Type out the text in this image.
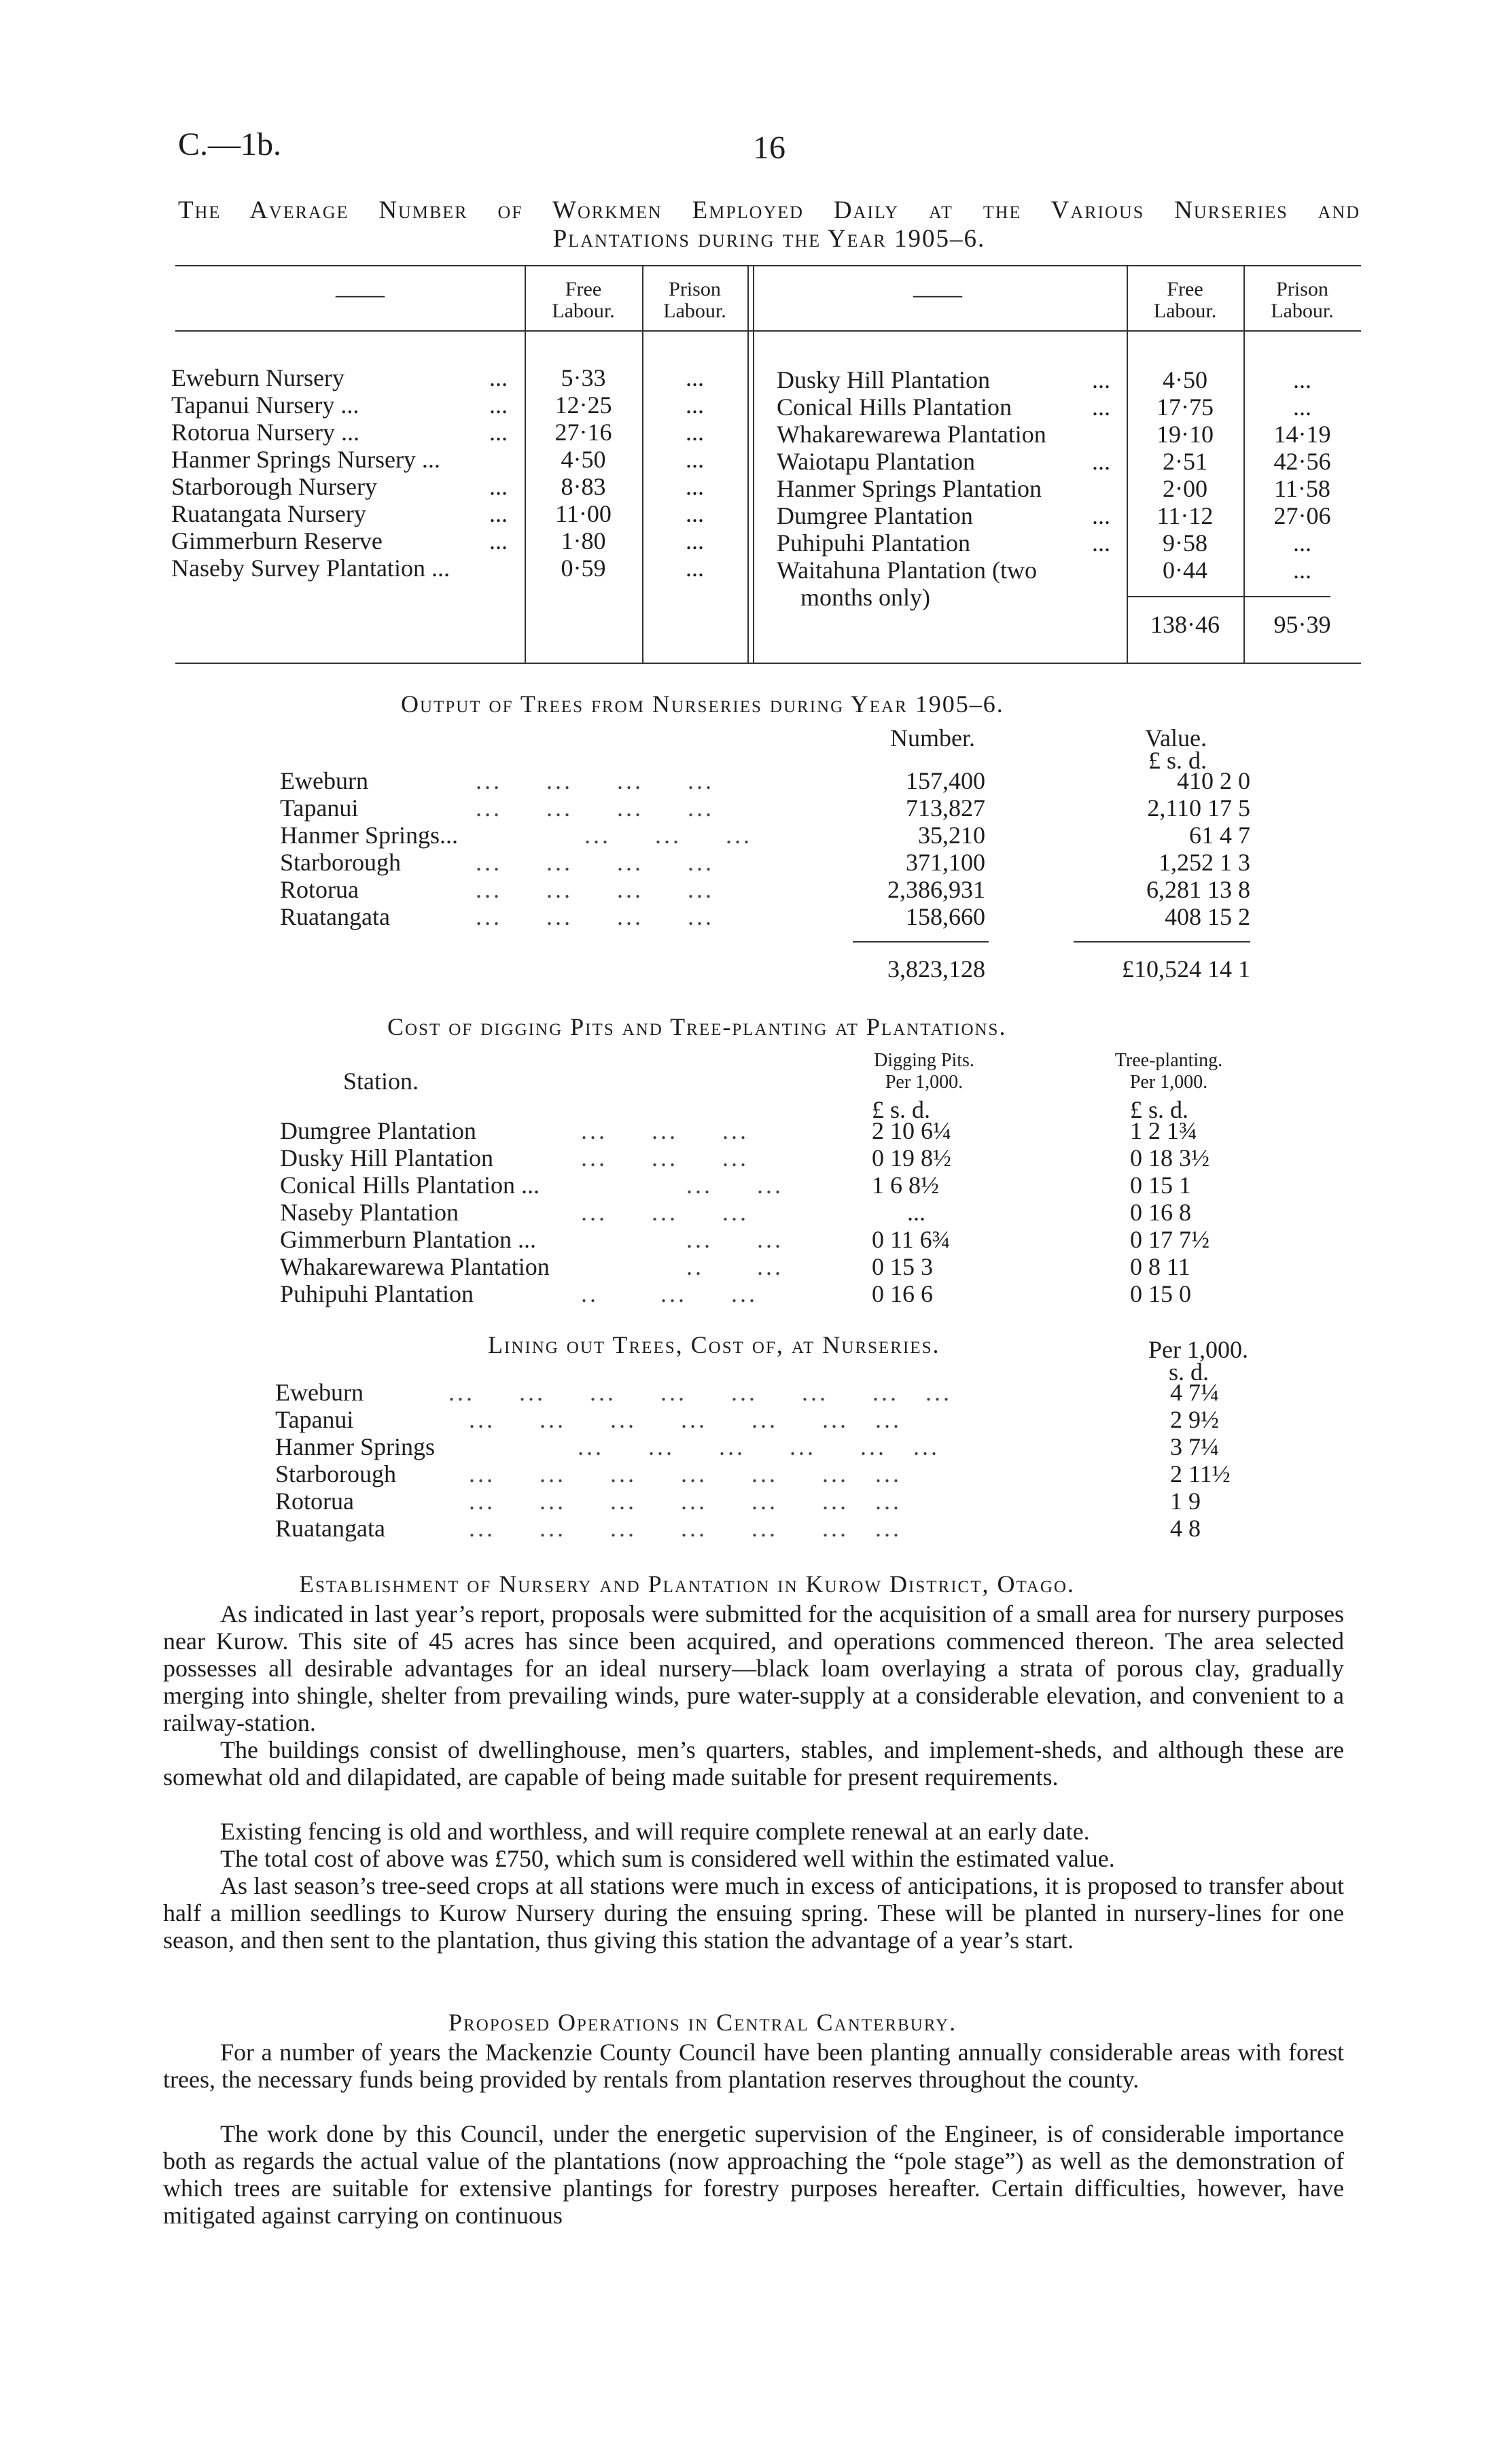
C.—1b.	16
The Average Number of Workmen Employed Daily at the Various Nurseries and
Plantations during the Year 1905–6.
——	Free
Labour.
Prison
Labour.
——	Free
Labour.
Prison
Labour.
Eweburn Nursery	...	5·33	...
Tapanui Nursery ...	...	12·25	...
Rotorua Nursery ...	...	27·16	...
Hanmer Springs Nursery ...	4·50	...
Starborough Nursery	...	8·83	...
Ruatangata Nursery	...	11·00	...
Gimmerburn Reserve	...	1·80	...
Naseby Survey Plantation ...	0·59	...
Dusky Hill Plantation	...	4·50	...
Conical Hills Plantation	...	17·75	...
Whakarewarewa Plantation	19·10	14·19
Waiotapu Plantation	...	2·51	42·56
Hanmer Springs Plantation	2·00	11·58
Dumgree Plantation	...	11·12	27·06
Puhipuhi Plantation	...	9·58	...
Waitahuna Plantation (two	0·44	...
months only)
138·46	95·39
Output of Trees from Nurseries during Year 1905–6.
Number.	Value.
£ s. d.
Eweburn	...     ...     ...     ...	157,400	410 2 0
Tapanui	...     ...     ...     ...	713,827	2,110 17 5
Hanmer Springs...	...     ...     ...	35,210	61 4 7
Starborough	...     ...     ...     ...	371,100	1,252 1 3
Rotorua	...     ...     ...     ...	2,386,931	6,281 13 8
Ruatangata	...     ...     ...     ...	158,660	408 15 2
3,823,128	£10,524 14 1
Cost of digging Pits and Tree-planting at Plantations.
Station.
Digging Pits.
Per 1,000.
Tree-planting.
Per 1,000.
£ s. d.	£ s. d.
Dumgree Plantation	...     ...     ...	2 10 6¼	1 2 1¾
Dusky Hill Plantation	...     ...     ...	0 19 8½	0 18 3½
Conical Hills Plantation ...	...     ...	1 6 8½	0 15 1
Naseby Plantation	...     ...     ...	...	0 16 8
Gimmerburn Plantation ...	...     ...	0 11 6¾	0 17 7½
Whakarewarewa Plantation	..      ...	0 15 3	0 8 11
Puhipuhi Plantation	..       ...     ...	0 16 6	0 15 0
Lining out Trees, Cost of, at Nurseries.	Per 1,000.
s. d.
Eweburn	...     ...     ...     ...     ...     ...     ...   ...	4 7¼
Tapanui	...     ...     ...     ...     ...     ...   ...	2 9½
Hanmer Springs	...     ...     ...     ...     ...   ...	3 7¼
Starborough	...     ...     ...     ...     ...     ...   ...	2 11½
Rotorua	...     ...     ...     ...     ...     ...   ...	1 9
Ruatangata	...     ...     ...     ...     ...     ...   ...	4 8
Establishment of Nursery and Plantation in Kurow District, Otago.
As indicated in last year’s report, proposals were submitted for the acquisition of a small area for nursery purposes near Kurow. This site of 45 acres has since been acquired, and operations commenced thereon. The area selected possesses all desirable advantages for an ideal nursery—black loam overlaying a strata of porous clay, gradually merging into shingle, shelter from prevailing winds, pure water-supply at a considerable elevation, and convenient to a railway-station.
The buildings consist of dwellinghouse, men’s quarters, stables, and implement-sheds, and although these are somewhat old and dilapidated, are capable of being made suitable for present requirements.
Existing fencing is old and worthless, and will require complete renewal at an early date.
The total cost of above was £750, which sum is considered well within the estimated value.
As last season’s tree-seed crops at all stations were much in excess of anticipations, it is proposed to transfer about half a million seedlings to Kurow Nursery during the ensuing spring. These will be planted in nursery-lines for one season, and then sent to the plantation, thus giving this station the advantage of a year’s start.
Proposed Operations in Central Canterbury.
For a number of years the Mackenzie County Council have been planting annually considerable areas with forest trees, the necessary funds being provided by rentals from plantation reserves throughout the county.
The work done by this Council, under the energetic supervision of the Engineer, is of considerable importance both as regards the actual value of the plantations (now approaching the “pole stage”) as well as the demonstration of which trees are suitable for extensive plantings for forestry purposes hereafter. Certain difficulties, however, have mitigated against carrying on continuous
